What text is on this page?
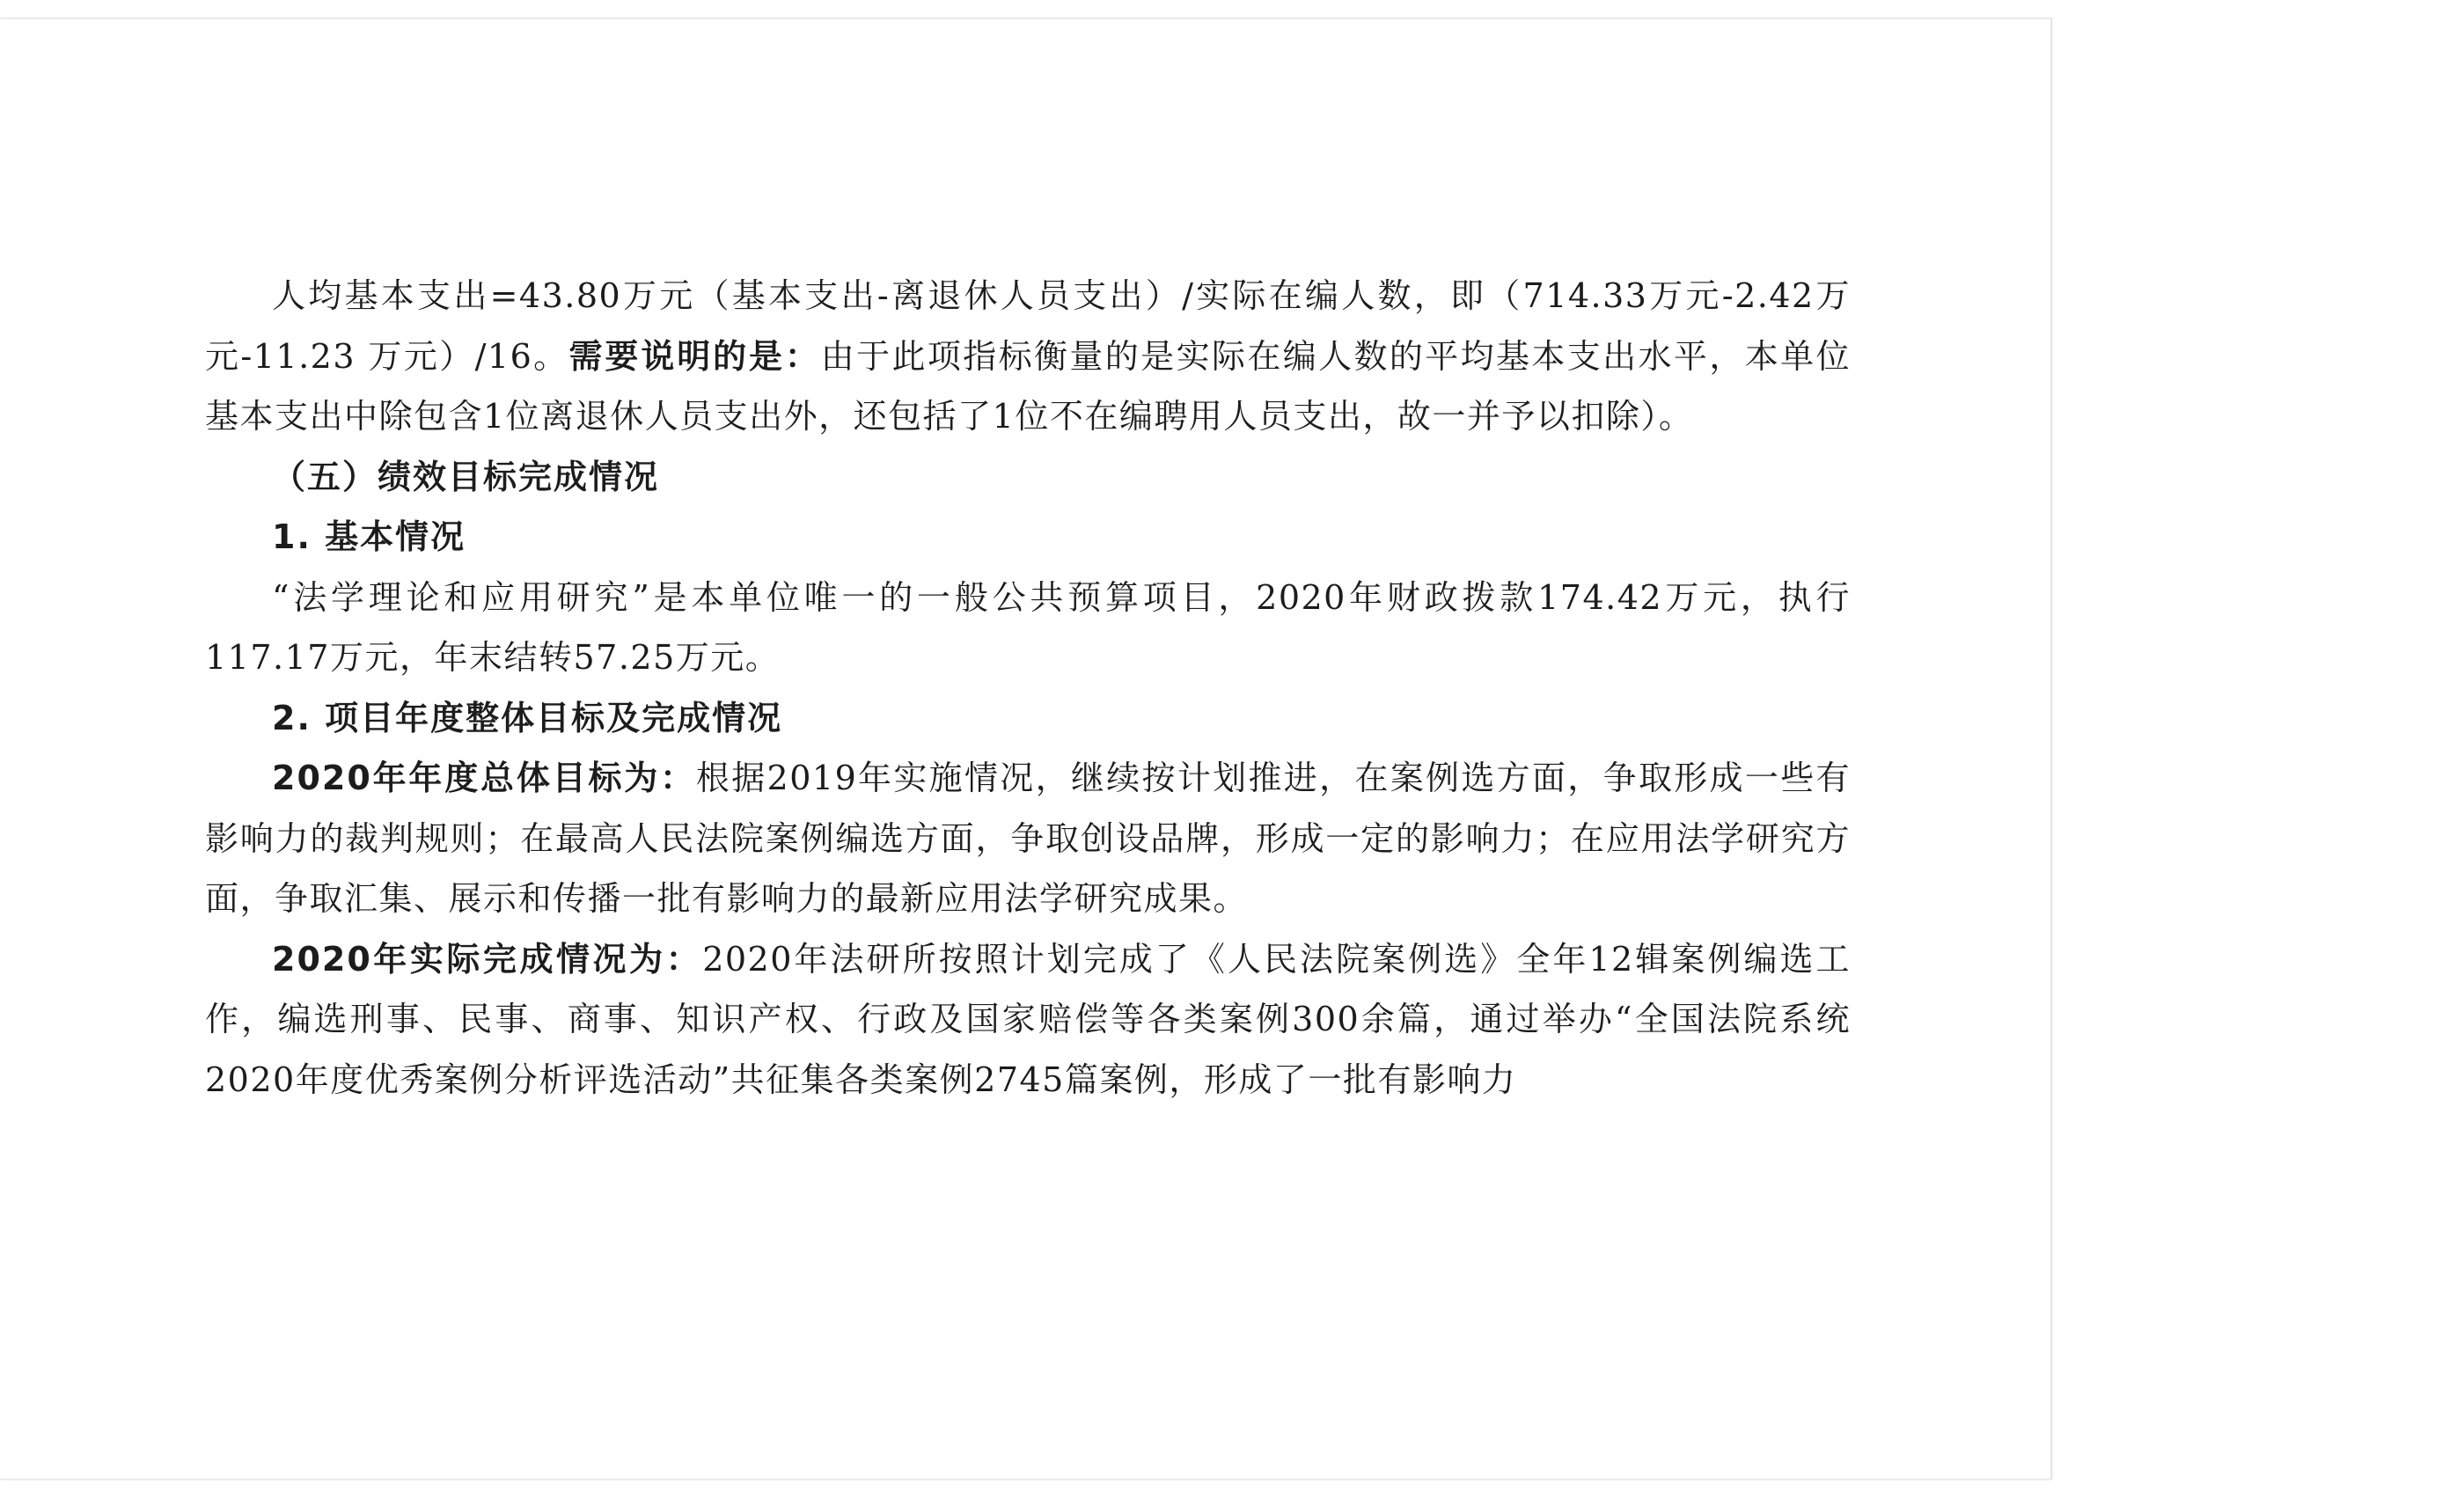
人均基本支出=43.80万元（基本支出-离退休人员支出）/实际在编人数，即（714.33万元-2.42万元-11.23 万元）/16。需要说明的是：由于此项指标衡量的是实际在编人数的平均基本支出水平，本单位基本支出中除包含1位离退休人员支出外，还包括了1位不在编聘用人员支出，故一并予以扣除）。

（五）绩效目标完成情况

1. 基本情况

“法学理论和应用研究”是本单位唯一的一般公共预算项目，2020年财政拨款174.42万元，执行117.17万元，年末结转57.25万元。

2. 项目年度整体目标及完成情况

2020年年度总体目标为：根据2019年实施情况，继续按计划推进，在案例选方面，争取形成一些有影响力的裁判规则；在最高人民法院案例编选方面，争取创设品牌，形成一定的影响力；在应用法学研究方面，争取汇集、展示和传播一批有影响力的最新应用法学研究成果。

2020年实际完成情况为：2020年法研所按照计划完成了《人民法院案例选》全年12辑案例编选工作，编选刑事、民事、商事、知识产权、行政及国家赔偿等各类案例300余篇，通过举办“全国法院系统2020年度优秀案例分析评选活动”共征集各类案例2745篇案例，形成了一批有影响力
